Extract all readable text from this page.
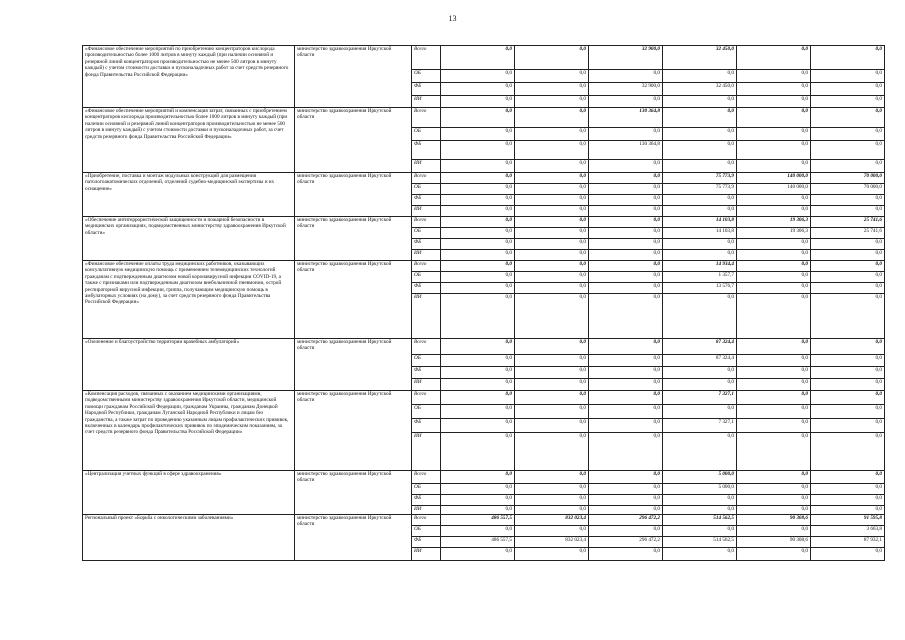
13
«Финансовое обеспечение мероприятий по приобретению концентраторов кислорода производительностью более 1000 литров в минуту каждый (при наличии основной и резервной линий концентраторов производительностью не менее 500 литров в минуту каждый) с учетом стоимости доставки и пусконаладочных работ за счет средств резервного фонда Правительства Российской Федерации»	министерство здравоохранения Иркутской области	Всего	0,0	0,0	32 900,0	32 450,0	0,0	0,0
		ОБ	0,0	0,0	0,0	0,0	0,0	0,0
		ФБ	0,0	0,0	32 900,0	32 450,0	0,0	0,0
		ИИ	0,0	0,0	0,0	0,0	0,0	0,0
«Финансовое обеспечение мероприятий и компенсация затрат, связанных с приобретением концентраторов кислорода производительностью более 1000 литров в минуту каждый (при наличии основной и резервной линий концентраторов производительностью не менее 500 литров в минуту каждый) с учетом стоимости доставки и пусконаладочных работ, за счет средств резервного фонда Правительства Российской Федерации»	министерство здравоохранения Иркутской области	Всего	0,0	0,0	130 364,8	0,0	0,0	0,0
		ОБ	0,0	0,0	0,0	0,0	0,0	0,0
		ФБ	0,0	0,0	130 364,8	0,0	0,0	0,0
		ИИ	0,0	0,0	0,0	0,0	0,0	0,0
«Приобретение, поставка и монтаж модульных конструкций для размещения патологоанатомических отделений, отделений судебно-медицинской экспертизы и их оснащение»	министерство здравоохранения Иркутской области	Всего	0,0	0,0	0,0	75 773,9	140 000,0	70 000,0
		ОБ	0,0	0,0	0,0	75 773,9	140 000,0	70 000,0
		ФБ	0,0	0,0	0,0	0,0	0,0	0,0
		ИИ	0,0	0,0	0,0	0,0	0,0	0,0
«Обеспечение антитеррористической защищенности и пожарной безопасности в медицинских организациях, подведомственных министерству здравоохранения Иркутской области»	министерство здравоохранения Иркутской области	Всего	0,0	0,0	0,0	14 103,8	19 306,3	25 741,6
		ОБ	0,0	0,0	0,0	14 103,8	19 306,3	25 741,6
		ФБ	0,0	0,0	0,0	0,0	0,0	0,0
		ИИ	0,0	0,0	0,0	0,0	0,0	0,0
«Финансовое обеспечение оплаты труда медицинских работников, оказывающих консультативную медицинскую помощь с применением телемедицинских технологий гражданам с подтвержденным диагнозом новой коронавирусной инфекции COVID-19, а также с признаками или подтвержденным диагнозом внебольничной пневмонии, острой респираторной вирусной инфекции, гриппа, получающим медицинскую помощь в амбулаторных условиях (на дому), за счет средств резервного фонда Правительства Российской Федерации»	министерство здравоохранения Иркутской области	Всего	0,0	0,0	0,0	14 934,4	0,0	0,0
		ОБ	0,0	0,0	0,0	1 357,7	0,0	0,0
		ФБ	0,0	0,0	0,0	13 576,7	0,0	0,0
		ИИ	0,0	0,0	0,0	0,0	0,0	0,0
«Озеленение и благоустройство территории врачебных амбулаторий»	министерство здравоохранения Иркутской области	Всего	0,0	0,0	0,0	87 324,4	0,0	0,0
		ОБ	0,0	0,0	0,0	87 324,4	0,0	0,0
		ФБ	0,0	0,0	0,0	0,0	0,0	0,0
		ИИ	0,0	0,0	0,0	0,0	0,0	0,0
«Компенсация расходов, связанных с оказанием медицинскими организациями, подведомственными министерству здравоохранения Иркутской области, медицинской помощи гражданам Российской Федерации, гражданам Украины, гражданам Донецкой Народной Республики, гражданам Луганской Народной Республики и лицам без гражданства, а также затрат по проведению указанным лицам профилактических прививок, включенных в календарь профилактических прививок по эпидемическим показаниям, за счет средств резервного фонда Правительства Российской Федерации»	министерство здравоохранения Иркутской области	Всего	0,0	0,0	0,0	7 327,1	0,0	0,0
		ОБ	0,0	0,0	0,0	0,0	0,0	0,0
		ФБ	0,0	0,0	0,0	7 327,1	0,0	0,0
		ИИ	0,0	0,0	0,0	0,0	0,0	0,0
«Централизация учетных функций в сфере здравоохранения»	министерство здравоохранения Иркутской области	Всего	0,0	0,0	0,0	5 000,0	0,0	0,0
		ОБ	0,0	0,0	0,0	5 000,0	0,0	0,0
		ФБ	0,0	0,0	0,0	0,0	0,0	0,0
		ИИ	0,0	0,0	0,0	0,0	0,0	0,0
Региональный проект «Борьба с онкологическими заболеваниями»	министерство здравоохранения Иркутской области	Всего	486 557,5	832 023,4	296 472,2	514 562,5	90 308,6	91 595,8
		ОБ	0,0	0,0	0,0	0,0	0,0	3 663,8
		ФБ	486 557,5	832 023,4	296 472,2	514 562,5	90 308,6	87 932,1
		ИИ	0,0	0,0	0,0	0,0	0,0	0,0
